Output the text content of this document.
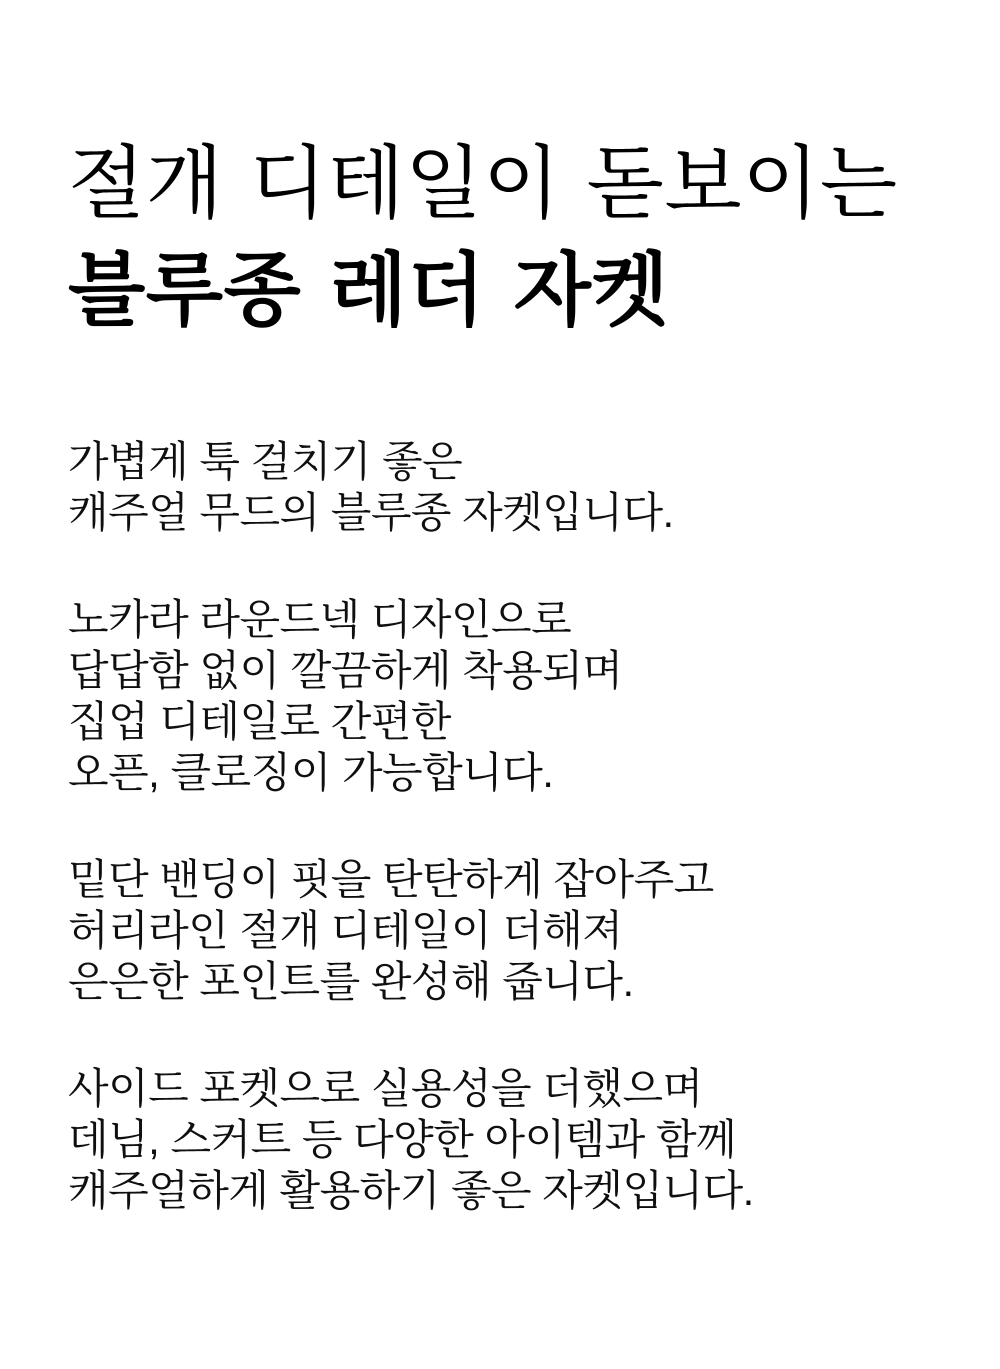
절개 디테일이 돋보이는
블루종 레더 자켓

가볍게 툭 걸치기 좋은
캐주얼 무드의 블루종 자켓입니다.

노카라 라운드넥 디자인으로
답답함 없이 깔끔하게 착용되며
집업 디테일로 간편한
오픈, 클로징이 가능합니다.

밑단 밴딩이 핏을 탄탄하게 잡아주고
허리라인 절개 디테일이 더해져
은은한 포인트를 완성해 줍니다.

사이드 포켓으로 실용성을 더했으며
데님, 스커트 등 다양한 아이템과 함께
캐주얼하게 활용하기 좋은 자켓입니다.
